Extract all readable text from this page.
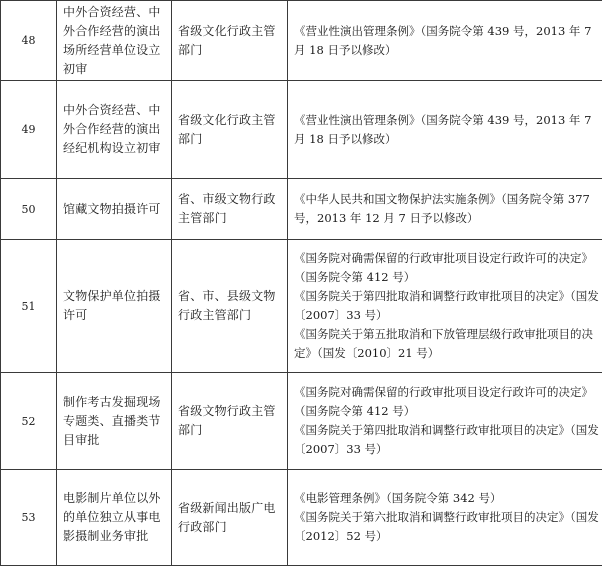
48	中外合资经营、中外合作经营的演出场所经营单位设立初审	省级文化行政主管部门	《营业性演出管理条例》（国务院令第 439 号，2013 年 7 月 18 日予以修改）

49	中外合资经营、中外合作经营的演出经纪机构设立初审	省级文化行政主管部门	《营业性演出管理条例》（国务院令第 439 号，2013 年 7 月 18 日予以修改）

50	馆藏文物拍摄许可	省、市级文物行政主管部门	《中华人民共和国文物保护法实施条例》（国务院令第 377 号，2013 年 12 月 7 日予以修改）

51	文物保护单位拍摄许可	省、市、县级文物行政主管部门	《国务院对确需保留的行政审批项目设定行政许可的决定》（国务院令第 412 号）
《国务院关于第四批取消和调整行政审批项目的决定》（国发〔2007〕33 号）
《国务院关于第五批取消和下放管理层级行政审批项目的决定》（国发〔2010〕21 号）

52	制作考古发掘现场专题类、直播类节目审批	省级文物行政主管部门	《国务院对确需保留的行政审批项目设定行政许可的决定》（国务院令第 412 号）
《国务院关于第四批取消和调整行政审批项目的决定》（国发〔2007〕33 号）

53	电影制片单位以外的单位独立从事电影摄制业务审批	省级新闻出版广电行政部门	《电影管理条例》（国务院令第 342 号）
《国务院关于第六批取消和调整行政审批项目的决定》（国发〔2012〕52 号）
